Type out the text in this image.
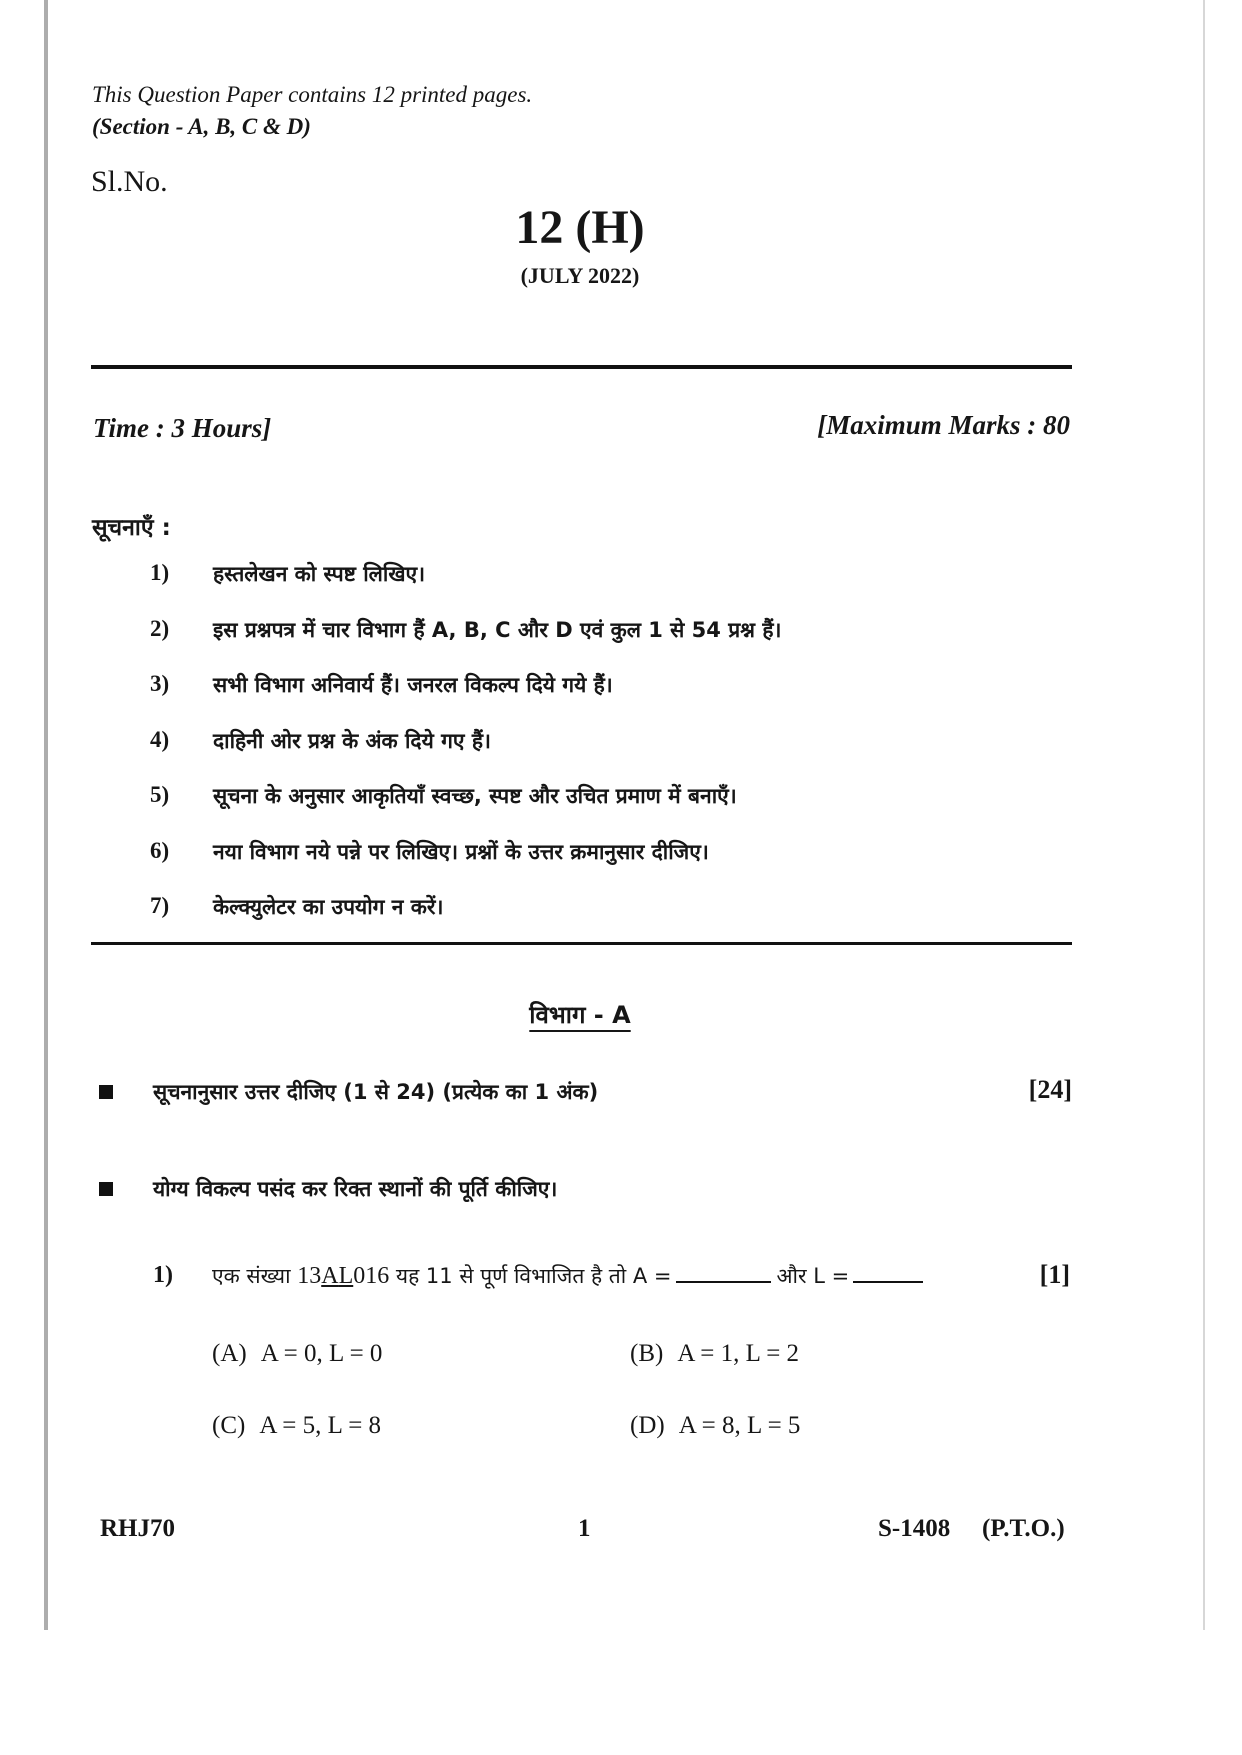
This Question Paper contains 12 printed pages.
(Section - A, B, C & D)
Sl.No.
12 (H)
(JULY 2022)
Time : 3 Hours]	[Maximum Marks : 80
सूचनाएँ :
1)	हस्तलेखन को स्पष्ट लिखिए।
2)	इस प्रश्नपत्र में चार विभाग हैं A, B, C और D एवं कुल 1 से 54 प्रश्न हैं।
3)	सभी विभाग अनिवार्य हैं। जनरल विकल्प दिये गये हैं।
4)	दाहिनी ओर प्रश्न के अंक दिये गए हैं।
5)	सूचना के अनुसार आकृतियाँ स्वच्छ, स्पष्ट और उचित प्रमाण में बनाएँ।
6)	नया विभाग नये पन्ने पर लिखिए। प्रश्नों के उत्तर क्रमानुसार दीजिए।
7)	केल्क्युलेटर का उपयोग न करें।
विभाग - A
सूचनानुसार उत्तर दीजिए (1 से 24) (प्रत्येक का 1 अंक)	[24]
योग्य विकल्प पसंद कर रिक्त स्थानों की पूर्ति कीजिए।
1) एक संख्या 13AL016 यह 11 से पूर्ण विभाजित है तो A =	और L =	[1]
(A) A = 0, L = 0	(B) A = 1, L = 2
(C) A = 5, L = 8	(D) A = 8, L = 5
RHJ70	1	S-1408 (P.T.O.)
